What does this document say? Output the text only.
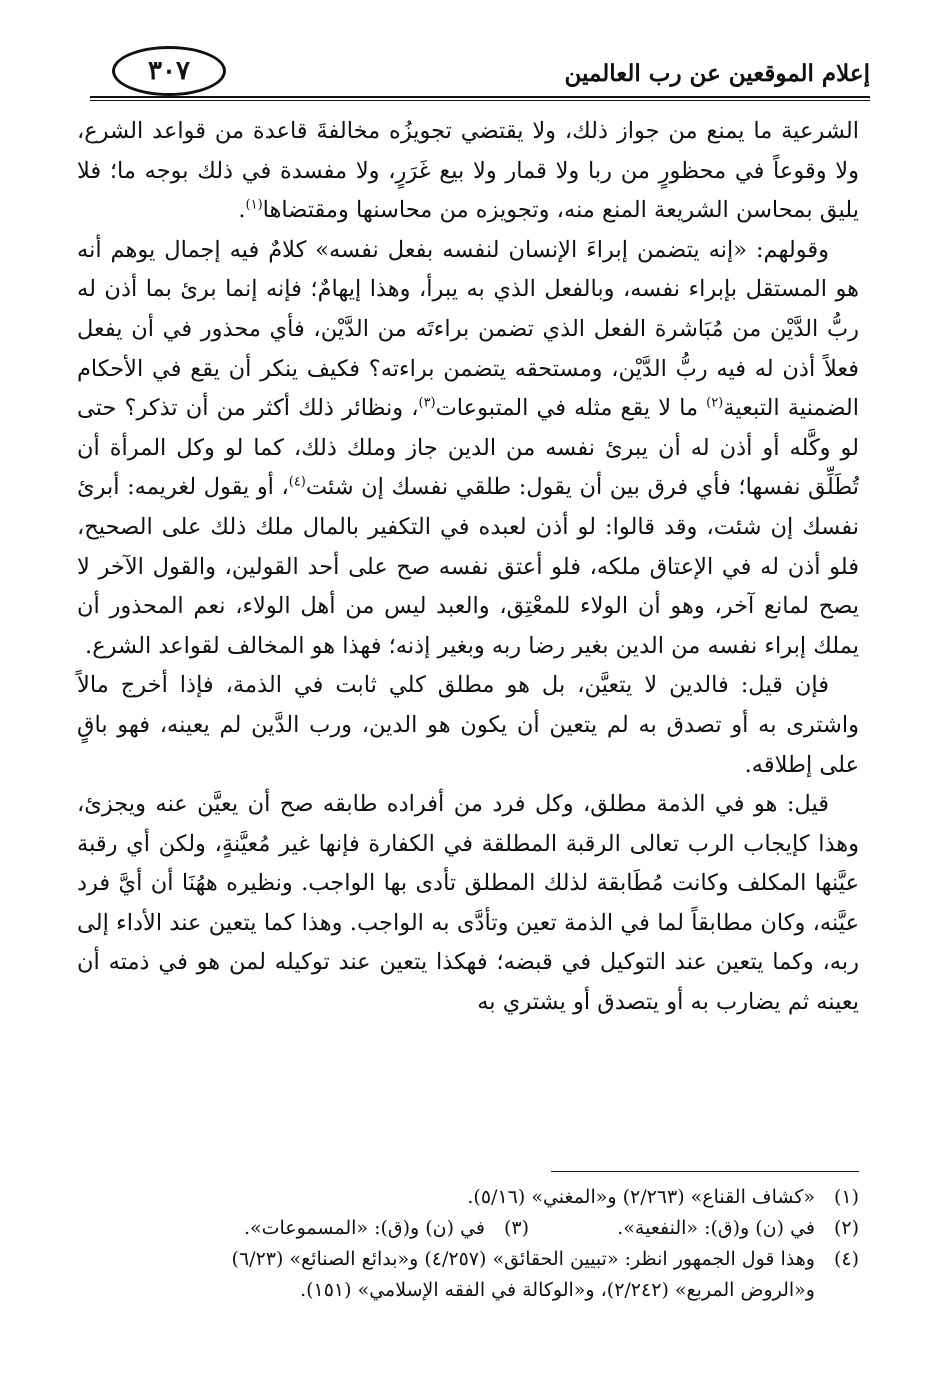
إعلام الموقعين عن رب العالمين
٣٠٧

الشرعية ما يمنع من جواز ذلك، ولا يقتضي تجويزُه مخالفةَ قاعدة من قواعد الشرع، ولا وقوعاً في محظورٍ من ربا ولا قمار ولا بيع غَرَرٍ، ولا مفسدة في ذلك بوجه ما؛ فلا يليق بمحاسن الشريعة المنع منه، وتجويزه من محاسنها ومقتضاها$^{(١)}$.

وقولهم: «إنه يتضمن إبراءَ الإنسان لنفسه بفعل نفسه» كلامٌ فيه إجمال يوهم أنه هو المستقل بإبراء نفسه، وبالفعل الذي به يبرأ، وهذا إيهامٌ؛ فإنه إنما برئ بما أذن له ربُّ الدَّيْن من مُبَاشرة الفعل الذي تضمن براءتَه من الدَّيْن، فأي محذور في أن يفعل فعلاً أذن له فيه ربُّ الدَّيْن، ومستحقه يتضمن براءته؟ فكيف ينكر أن يقع في الأحكام الضمنية التبعية$^{(٢)}$ ما لا يقع مثله في المتبوعات$^{(٣)}$، ونظائر ذلك أكثر من أن تذكر؟ حتى لو وكَّله أو أذن له أن يبرئ نفسه من الدين جاز وملك ذلك، كما لو وكل المرأة أن تُطَلِّق نفسها؛ فأي فرق بين أن يقول: طلقي نفسك إن شئت$^{(٤)}$، أو يقول لغريمه: أبرئ نفسك إن شئت، وقد قالوا: لو أذن لعبده في التكفير بالمال ملك ذلك على الصحيح، فلو أذن له في الإعتاق ملكه، فلو أعتق نفسه صح على أحد القولين، والقول الآخر لا يصح لمانع آخر، وهو أن الولاء للمعْتِق، والعبد ليس من أهل الولاء، نعم المحذور أن يملك إبراء نفسه من الدين بغير رضا ربه وبغير إذنه؛ فهذا هو المخالف لقواعد الشرع.

فإن قيل: فالدين لا يتعيَّن، بل هو مطلق كلي ثابت في الذمة، فإذا أخرج مالاً واشترى به أو تصدق به لم يتعين أن يكون هو الدين، ورب الدَّين لم يعينه، فهو باقٍ على إطلاقه.

قيل: هو في الذمة مطلق، وكل فرد من أفراده طابقه صح أن يعيَّن عنه ويجزئ، وهذا كإيجاب الرب تعالى الرقبة المطلقة في الكفارة فإنها غير مُعيَّنةٍ، ولكن أي رقبة عيَّنها المكلف وكانت مُطَابقة لذلك المطلق تأدى بها الواجب. ونظيره ههُنَا أن أيَّ فرد عيَّنه، وكان مطابقاً لما في الذمة تعين وتأدَّى به الواجب. وهذا كما يتعين عند الأداء إلى ربه، وكما يتعين عند التوكيل في قبضه؛ فهكذا يتعين عند توكيله لمن هو في ذمته أن يعينه ثم يضارب به أو يتصدق أو يشتري به

(١)
«كشاف القناع» (٢/٢٦٣) و«المغني» (٥/١٦).
(٢)
في (ن) و(ق): «النفعية».
(٣)
في (ن) و(ق): «المسموعات».
(٤)
وهذا قول الجمهور انظر: «تبيين الحقائق» (٤/٢٥٧) و«بدائع الصنائع» (٦/٢٣)
و«الروض المربع» (٢/٢٤٢)، و«الوكالة في الفقه الإسلامي» (١٥١).
